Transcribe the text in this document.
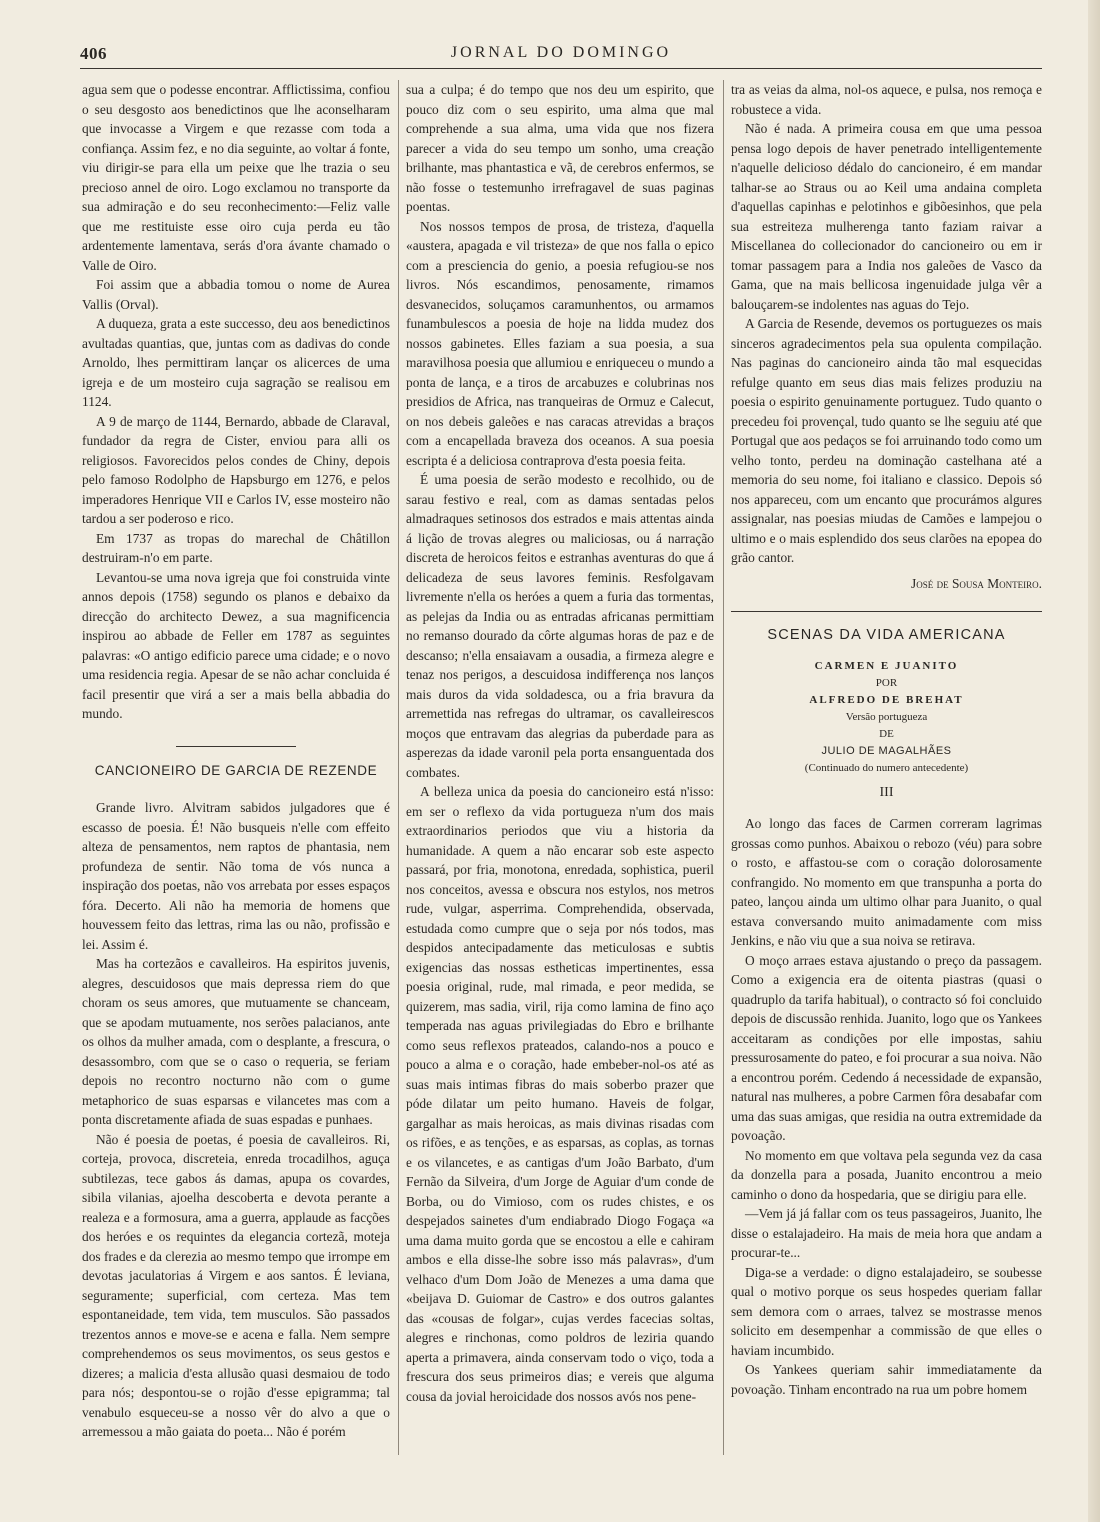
406	JORNAL DO DOMINGO

agua sem que o podesse encontrar. Afflictissima, confiou o seu desgosto aos benedictinos que lhe aconselharam que invocasse a Virgem e que rezasse com toda a confiança. Assim fez, e no dia seguinte, ao voltar á fonte, viu dirigir-se para ella um peixe que lhe trazia o seu precioso annel de oiro. Logo exclamou no transporte da sua admiração e do seu reconhecimento:—Feliz valle que me restituiste esse oiro cuja perda eu tão ardentemente lamentava, serás d'ora ávante chamado o Valle de Oiro.

Foi assim que a abbadia tomou o nome de Aurea Vallis (Orval).

A duqueza, grata a este successo, deu aos benedictinos avultadas quantias, que, juntas com as dadivas do conde Arnoldo, lhes permittiram lançar os alicerces de uma igreja e de um mosteiro cuja sagração se realisou em 1124.

A 9 de março de 1144, Bernardo, abbade de Claraval, fundador da regra de Cister, enviou para alli os religiosos. Favorecidos pelos condes de Chiny, depois pelo famoso Rodolpho de Hapsburgo em 1276, e pelos imperadores Henrique VII e Carlos IV, esse mosteiro não tardou a ser poderoso e rico.

Em 1737 as tropas do marechal de Châtillon destruiram-n'o em parte.

Levantou-se uma nova igreja que foi construida vinte annos depois (1758) segundo os planos e debaixo da direcção do architecto Dewez, a sua magnificencia inspirou ao abbade de Feller em 1787 as seguintes palavras: «O antigo edificio parece uma cidade; e o novo uma residencia regia. Apesar de se não achar concluida é facil presentir que virá a ser a mais bella abbadia do mundo.

CANCIONEIRO DE GARCIA DE REZENDE

Grande livro. Alvitram sabidos julgadores que é escasso de poesia. É! Não busqueis n'elle com effeito alteza de pensamentos, nem raptos de phantasia, nem profundeza de sentir. Não toma de vós nunca a inspiração dos poetas, não vos arrebata por esses espaços fóra. Decerto. Ali não ha memoria de homens que houvessem feito das lettras, rima las ou não, profissão e lei. Assim é.

Mas ha cortezãos e cavalleiros. Ha espiritos juvenis, alegres, descuidosos que mais depressa riem do que choram os seus amores, que mutuamente se chanceam, que se apodam mutuamente, nos serões palacianos, ante os olhos da mulher amada, com o desplante, a frescura, o desassombro, com que se o caso o requeria, se feriam depois no recontro nocturno não com o gume metaphorico de suas esparsas e vilancetes mas com a ponta discretamente afiada de suas espadas e punhaes.

Não é poesia de poetas, é poesia de cavalleiros. Ri, corteja, provoca, discreteia, enreda trocadilhos, aguça subtilezas, tece gabos ás damas, apupa os covardes, sibila vilanias, ajoelha descoberta e devota perante a realeza e a formosura, ama a guerra, applaude as facções dos heróes e os requintes da elegancia cortezã, moteja dos frades e da clerezia ao mesmo tempo que irrompe em devotas jaculatorias á Virgem e aos santos. É leviana, seguramente; superficial, com certeza. Mas tem espontaneidade, tem vida, tem musculos. São passados trezentos annos e move-se e acena e falla. Nem sempre comprehendemos os seus movimentos, os seus gestos e dizeres; a malicia d'esta allusão quasi desmaiou de todo para nós; despontou-se o rojão d'esse epigramma; tal venabulo esqueceu-se a nosso vêr do alvo a que o arremessou a mão gaiata do poeta... Não é porém

sua a culpa; é do tempo que nos deu um espirito, que pouco diz com o seu espirito, uma alma que mal comprehende a sua alma, uma vida que nos fizera parecer a vida do seu tempo um sonho, uma creação brilhante, mas phantastica e vã, de cerebros enfermos, se não fosse o testemunho irrefragavel de suas paginas poentas.

Nos nossos tempos de prosa, de tristeza, d'aquella «austera, apagada e vil tristeza» de que nos falla o epico com a presciencia do genio, a poesia refugiou-se nos livros. Nós escandimos, penosamente, rimamos desvanecidos, soluçamos caramunhentos, ou armamos funambulescos a poesia de hoje na lidda mudez dos nossos gabinetes. Elles faziam a sua poesia, a sua maravilhosa poesia que allumiou e enriqueceu o mundo a ponta de lança, e a tiros de arcabuzes e colubrinas nos presidios de Africa, nas tranqueiras de Ormuz e Calecut, on nos debeis galeões e nas caracas atrevidas a braços com a encapellada braveza dos oceanos. A sua poesia escripta é a deliciosa contraprova d'esta poesia feita.

É uma poesia de serão modesto e recolhido, ou de sarau festivo e real, com as damas sentadas pelos almadraques setinosos dos estrados e mais attentas ainda á lição de trovas alegres ou maliciosas, ou á narração discreta de heroicos feitos e estranhas aventuras do que á delicadeza de seus lavores feminis. Resfolgavam livremente n'ella os heróes a quem a furia das tormentas, as pelejas da India ou as entradas africanas permittiam no remanso dourado da côrte algumas horas de paz e de descanso; n'ella ensaiavam a ousadia, a firmeza alegre e tenaz nos perigos, a descuidosa indifferença nos lanços mais duros da vida soldadesca, ou a fria bravura da arremettida nas refregas do ultramar, os cavalleirescos moços que entravam das alegrias da puberdade para as asperezas da idade varonil pela porta ensanguentada dos combates.

A belleza unica da poesia do cancioneiro está n'isso: em ser o reflexo da vida portugueza n'um dos mais extraordinarios periodos que viu a historia da humanidade. A quem a não encarar sob este aspecto passará, por fria, monotona, enredada, sophistica, pueril nos conceitos, avessa e obscura nos estylos, nos metros rude, vulgar, asperrima. Comprehendida, observada, estudada como cumpre que o seja por nós todos, mas despidos antecipadamente das meticulosas e subtis exigencias das nossas estheticas impertinentes, essa poesia original, rude, mal rimada, e peor medida, se quizerem, mas sadia, viril, rija como lamina de fino aço temperada nas aguas privilegiadas do Ebro e brilhante como seus reflexos prateados, calando-nos a pouco e pouco a alma e o coração, hade embeber-nol-os até as suas mais intimas fibras do mais soberbo prazer que póde dilatar um peito humano. Haveis de folgar, gargalhar as mais heroicas, as mais divinas risadas com os rifões, e as tenções, e as esparsas, as coplas, as tornas e os vilancetes, e as cantigas d'um João Barbato, d'um Fernão da Silveira, d'um Jorge de Aguiar d'um conde de Borba, ou do Vimioso, com os rudes chistes, e os despejados sainetes d'um endiabrado Diogo Fogaça «a uma dama muito gorda que se encostou a elle e cahiram ambos e ella disse-lhe sobre isso más palavras», d'um velhaco d'um Dom João de Menezes a uma dama que «beijava D. Guiomar de Castro» e dos outros galantes das «cousas de folgar», cujas verdes facecias soltas, alegres e rinchonas, como poldros de leziria quando aperta a primavera, ainda conservam todo o viço, toda a frescura dos seus primeiros dias; e vereis que alguma cousa da jovial heroicidade dos nossos avós nos pene-

tra as veias da alma, nol-os aquece, e pulsa, nos remoça e robustece a vida.

Não é nada. A primeira cousa em que uma pessoa pensa logo depois de haver penetrado intelligentemente n'aquelle delicioso dédalo do cancioneiro, é em mandar talhar-se ao Straus ou ao Keil uma andaina completa d'aquellas capinhas e pelotinhos e gibõesinhos, que pela sua estreiteza mulherenga tanto faziam raivar a Miscellanea do collecionador do cancioneiro ou em ir tomar passagem para a India nos galeões de Vasco da Gama, que na mais bellicosa ingenuidade julga vêr a balouçarem-se indolentes nas aguas do Tejo.

A Garcia de Resende, devemos os portuguezes os mais sinceros agradecimentos pela sua opulenta compilação. Nas paginas do cancioneiro ainda tão mal esquecidas refulge quanto em seus dias mais felizes produziu na poesia o espirito genuinamente portuguez. Tudo quanto o precedeu foi provençal, tudo quanto se lhe seguiu até que Portugal que aos pedaços se foi arruinando todo como um velho tonto, perdeu na dominação castelhana até a memoria do seu nome, foi italiano e classico. Depois só nos appareceu, com um encanto que procurámos algures assignalar, nas poesias miudas de Camões e lampejou o ultimo e o mais esplendido dos seus clarões na epopea do grão cantor.

José de Sousa Monteiro.

SCENAS DA VIDA AMERICANA
CARMEN E JUANITO
POR
ALFREDO DE BREHAT
Versão portugueza
DE
JULIO DE MAGALHÃES
(Continuado do numero antecedente)
III

Ao longo das faces de Carmen correram lagrimas grossas como punhos. Abaixou o rebozo (véu) para sobre o rosto, e affastou-se com o coração dolorosamente confrangido. No momento em que transpunha a porta do pateo, lançou ainda um ultimo olhar para Juanito, o qual estava conversando muito animadamente com miss Jenkins, e não viu que a sua noiva se retirava.

O moço arraes estava ajustando o preço da passagem. Como a exigencia era de oitenta piastras (quasi o quadruplo da tarifa habitual), o contracto só foi concluido depois de discussão renhida. Juanito, logo que os Yankees acceitaram as condições por elle impostas, sahiu pressurosamente do pateo, e foi procurar a sua noiva. Não a encontrou porém. Cedendo á necessidade de expansão, natural nas mulheres, a pobre Carmen fôra desabafar com uma das suas amigas, que residia na outra extremidade da povoação.

No momento em que voltava pela segunda vez da casa da donzella para a posada, Juanito encontrou a meio caminho o dono da hospedaria, que se dirigiu para elle.

—Vem já já fallar com os teus passageiros, Juanito, lhe disse o estalajadeiro. Ha mais de meia hora que andam a procurar-te...

Diga-se a verdade: o digno estalajadeiro, se soubesse qual o motivo porque os seus hospedes queriam fallar sem demora com o arraes, talvez se mostrasse menos solicito em desempenhar a commissão de que elles o haviam incumbido.

Os Yankees queriam sahir immediatamente da povoação. Tinham encontrado na rua um pobre homem
